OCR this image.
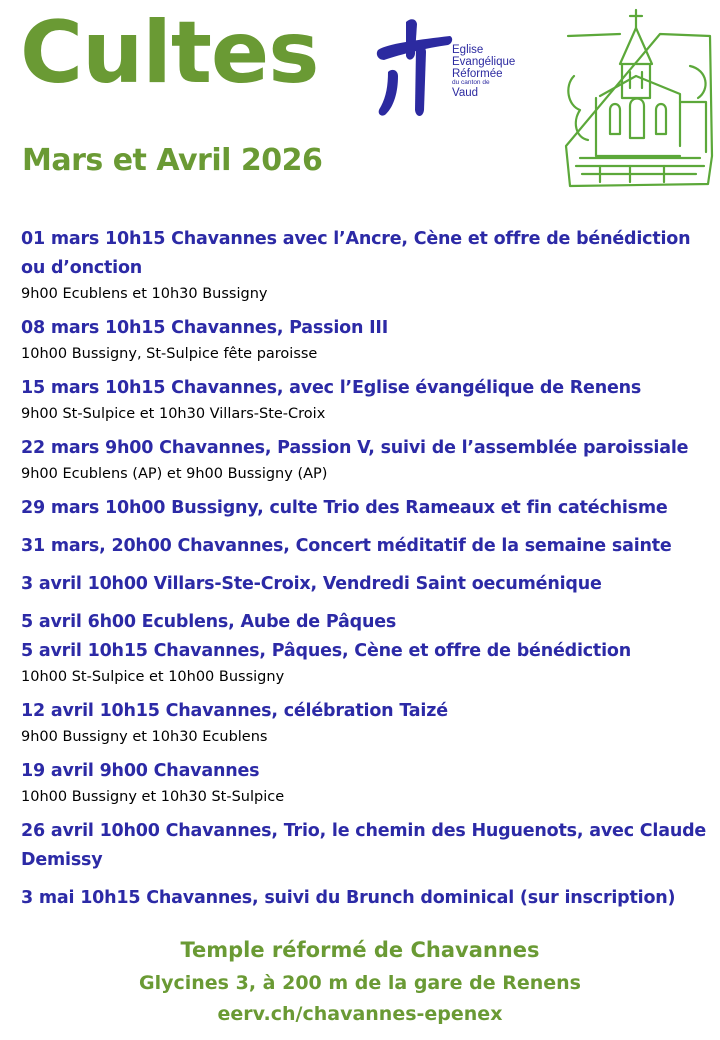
Cultes
Mars et Avril 2026
Eglise
Evangélique
Réformée
du canton de
Vaud
01 mars 10h15 Chavannes avec l’Ancre, Cène et offre de bénédiction ou d’onction
9h00 Ecublens et 10h30 Bussigny
08 mars 10h15 Chavannes, Passion III
10h00 Bussigny, St-Sulpice fête paroisse
15 mars 10h15 Chavannes, avec l’Eglise évangélique de Renens
9h00 St-Sulpice et 10h30 Villars-Ste-Croix
22 mars 9h00 Chavannes, Passion V, suivi de l’assemblée paroissiale
9h00 Ecublens (AP) et 9h00 Bussigny (AP)
29 mars 10h00 Bussigny, culte Trio des Rameaux et fin catéchisme
31 mars, 20h00 Chavannes, Concert méditatif de la semaine sainte
3 avril 10h00 Villars-Ste-Croix, Vendredi Saint oecuménique
5 avril 6h00 Ecublens, Aube de Pâques
5 avril 10h15 Chavannes, Pâques, Cène et offre de bénédiction
10h00 St-Sulpice et 10h00 Bussigny
12 avril 10h15 Chavannes, célébration Taizé
9h00 Bussigny et 10h30 Ecublens
19 avril 9h00 Chavannes
10h00 Bussigny et 10h30 St-Sulpice
26 avril 10h00 Chavannes, Trio, le chemin des Huguenots, avec Claude Demissy
3 mai 10h15 Chavannes, suivi du Brunch dominical (sur inscription)
Temple réformé de Chavannes
Glycines 3, à 200 m de la gare de Renens
eerv.ch/chavannes-epenex
